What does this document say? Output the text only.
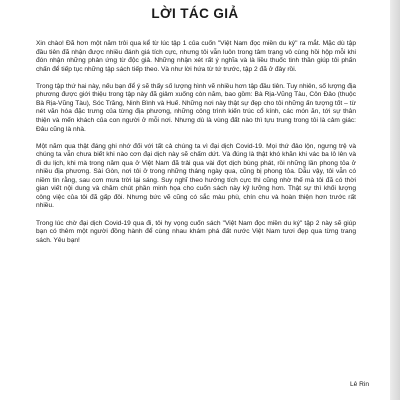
LỜI TÁC GIẢ

Xin chào! Đã hơn một năm trôi qua kể từ lúc tập 1 của cuốn "Việt Nam đọc miền du ký" ra mắt. Mặc dù tập đầu tiên đã nhận được nhiều đánh giá tích cực, nhưng tôi vẫn luôn trong tâm trạng vô cùng hồi hộp mỗi khi đón nhận những phản ứng từ độc giả. Những nhận xét rất ý nghĩa và là liều thuốc tinh thần giúp tôi phấn chấn để tiếp tục những tập sách tiếp theo. Và như lời hứa từ tứ trước, tập 2 đã ở đây rồi.

Trong tập thứ hai này, nếu bạn để ý sẽ thấy số lượng hình vẽ nhiều hơn tập đầu tiên. Tuy nhiên, số lượng địa phương được giới thiệu trong tập này đã giảm xuống còn năm, bao gồm: Bà Rịa-Vũng Tàu, Côn Đảo (thuộc Bà Rịa-Vũng Tàu), Sóc Trăng, Ninh Bình và Huế. Những nơi này thật sự đẹp cho tôi những ấn tượng tốt – từ nét văn hóa đặc trưng của từng địa phương, những công trình kiến trúc cổ kính, các món ăn, tới sự thân thiện và mến khách của con người ở mỗi nơi. Nhưng dù là vùng đất nào thì tựu trung trong tôi là cảm giác: Đâu cũng là nhà.

Một năm qua thật đáng ghi nhớ đối với tất cả chúng ta vì đại dịch Covid-19. Mọi thứ đảo lộn, ngưng trệ và chúng ta vẫn chưa biết khi nào cơn đại dịch này sẽ chấm dứt. Và đúng là thật khó khăn khi vác ba lô lên và đi du lịch, khi mà trong năm qua ở Việt Nam đã trải qua vài đợt dịch bùng phát, rồi những lần phong tỏa ở nhiều địa phương. Sài Gòn, nơi tôi ở trong những tháng ngày qua, cũng bị phong tỏa. Dẫu vậy, tôi vẫn có niềm tin rằng, sau cơn mưa trời lại sáng. Suy nghĩ theo hướng tích cực thì cũng nhờ thế mà tôi đã có thời gian viết nội dung và chăm chút phần minh họa cho cuốn sách này kỹ lưỡng hơn. Thật sự thì khối lượng công việc của tôi đã gấp đôi. Nhưng bức vẽ cũng có sắc màu phù, chín chu và hoàn thiện hơn trước rất nhiều.

Trong lúc chờ đại dịch Covid-19 qua đi, tôi hy vọng cuốn sách "Việt Nam đọc miền du ký" tập 2 này sẽ giúp bạn có thêm một người đồng hành để cùng nhau khám phá đất nước Việt Nam tươi đẹp qua từng trang sách. Yêu bạn!

Lê Rin
